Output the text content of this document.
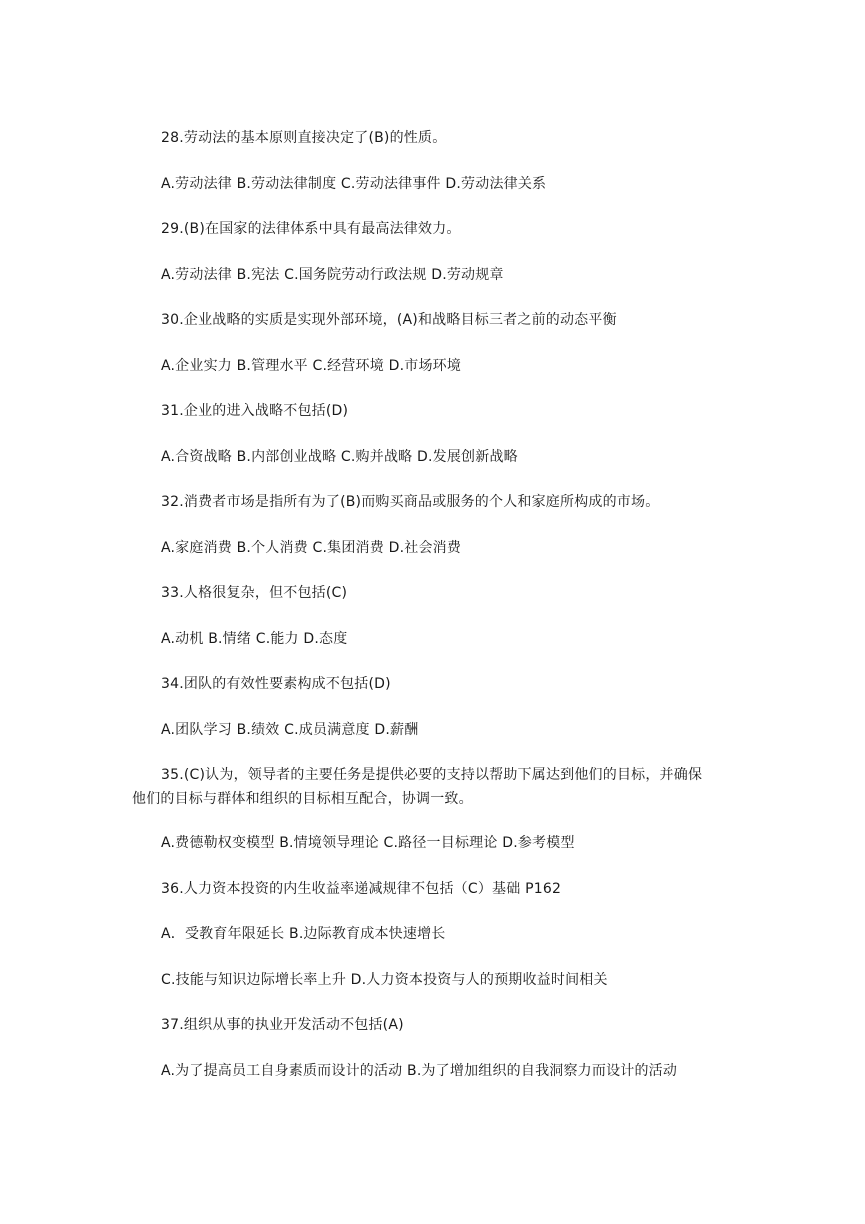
28.劳动法的基本原则直接决定了(B)的性质。
A.劳动法律 B.劳动法律制度 C.劳动法律事件 D.劳动法律关系
29.(B)在国家的法律体系中具有最高法律效力。
A.劳动法律 B.宪法 C.国务院劳动行政法规 D.劳动规章
30.企业战略的实质是实现外部环境，(A)和战略目标三者之前的动态平衡
A.企业实力 B.管理水平 C.经营环境 D.市场环境
31.企业的进入战略不包括(D)
A.合资战略 B.内部创业战略 C.购并战略 D.发展创新战略
32.消费者市场是指所有为了(B)而购买商品或服务的个人和家庭所构成的市场。
A.家庭消费 B.个人消费 C.集团消费 D.社会消费
33.人格很复杂，但不包括(C)
A.动机 B.情绪 C.能力 D.态度
34.团队的有效性要素构成不包括(D)
A.团队学习 B.绩效 C.成员满意度 D.薪酬
35.(C)认为，领导者的主要任务是提供必要的支持以帮助下属达到他们的目标，并确保
他们的目标与群体和组织的目标相互配合，协调一致。
A.费德勒权变模型 B.情境领导理论 C.路径一目标理论 D.参考模型
36.人力资本投资的内生收益率递减规律不包括（C）基础 P162
A．受教育年限延长 B.边际教育成本快速增长
C.技能与知识边际增长率上升 D.人力资本投资与人的预期收益时间相关
37.组织从事的执业开发活动不包括(A)
A.为了提高员工自身素质而设计的活动 B.为了增加组织的自我洞察力而设计的活动
